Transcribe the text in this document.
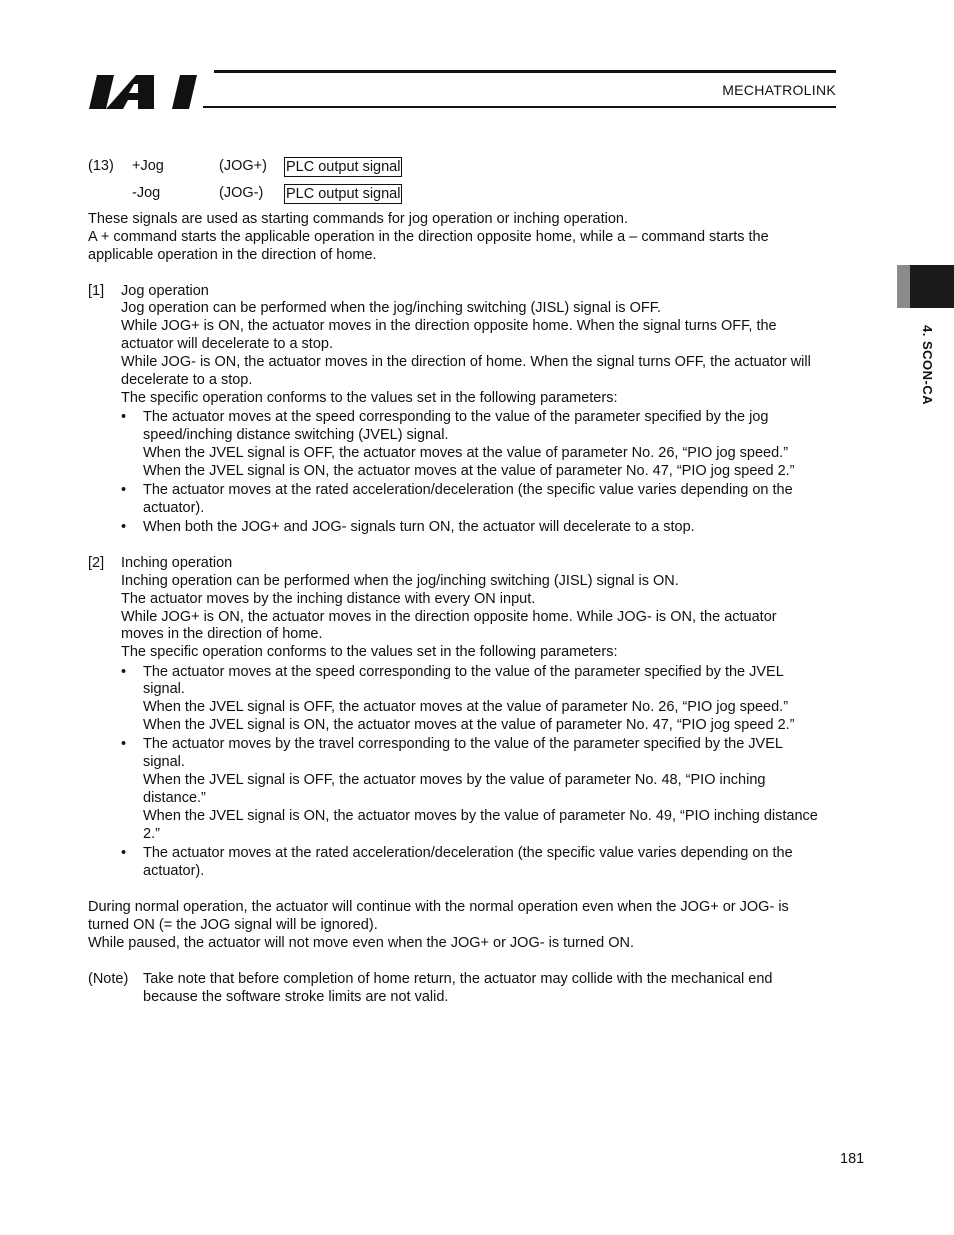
IAI
MECHATROLINK
4. SCON-CA
(13) +Jog	(JOG+) PLC output signal
-Jog	(JOG-) PLC output signal
These signals are used as starting commands for jog operation or inching operation.
A + command starts the applicable operation in the direction opposite home, while a – command starts the
applicable operation in the direction of home.
[1] Jog operation
Jog operation can be performed when the jog/inching switching (JISL) signal is OFF.
While JOG+ is ON, the actuator moves in the direction opposite home. When the signal turns OFF, the
actuator will decelerate to a stop.
While JOG- is ON, the actuator moves in the direction of home. When the signal turns OFF, the actuator will
decelerate to a stop.
The specific operation conforms to the values set in the following parameters:
• The actuator moves at the speed corresponding to the value of the parameter specified by the jog
speed/inching distance switching (JVEL) signal.
When the JVEL signal is OFF, the actuator moves at the value of parameter No. 26, “PIO jog speed.”
When the JVEL signal is ON, the actuator moves at the value of parameter No. 47, “PIO jog speed 2.”
• The actuator moves at the rated acceleration/deceleration (the specific value varies depending on the
actuator).
• When both the JOG+ and JOG- signals turn ON, the actuator will decelerate to a stop.
[2] Inching operation
Inching operation can be performed when the jog/inching switching (JISL) signal is ON.
The actuator moves by the inching distance with every ON input.
While JOG+ is ON, the actuator moves in the direction opposite home. While JOG- is ON, the actuator
moves in the direction of home.
The specific operation conforms to the values set in the following parameters:
• The actuator moves at the speed corresponding to the value of the parameter specified by the JVEL
signal.
When the JVEL signal is OFF, the actuator moves at the value of parameter No. 26, “PIO jog speed.”
When the JVEL signal is ON, the actuator moves at the value of parameter No. 47, “PIO jog speed 2.”
• The actuator moves by the travel corresponding to the value of the parameter specified by the JVEL
signal.
When the JVEL signal is OFF, the actuator moves by the value of parameter No. 48, “PIO inching
distance.”
When the JVEL signal is ON, the actuator moves by the value of parameter No. 49, “PIO inching distance
2.”
• The actuator moves at the rated acceleration/deceleration (the specific value varies depending on the
actuator).
During normal operation, the actuator will continue with the normal operation even when the JOG+ or JOG- is
turned ON (= the JOG signal will be ignored).
While paused, the actuator will not move even when the JOG+ or JOG- is turned ON.
(Note) Take note that before completion of home return, the actuator may collide with the mechanical end
because the software stroke limits are not valid.
181
